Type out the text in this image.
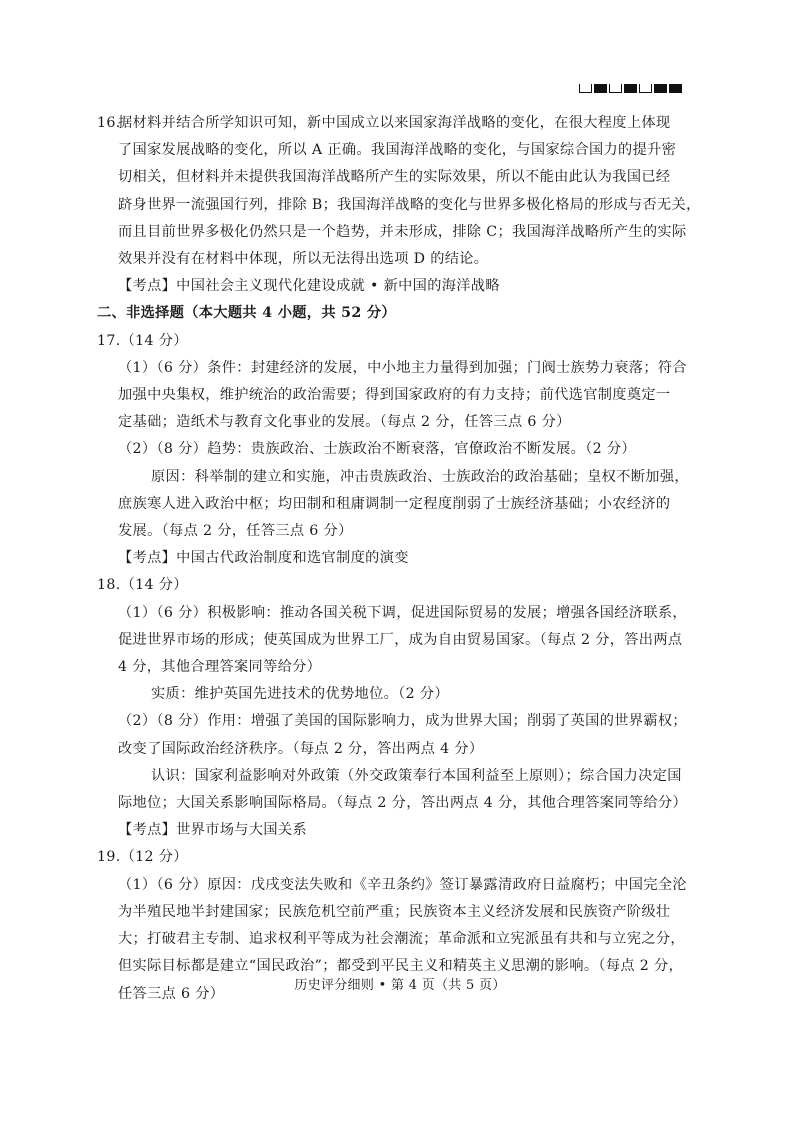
16.据材料并结合所学知识可知，新中国成立以来国家海洋战略的变化，在很大程度上体现
了国家发展战略的变化，所以 A 正确。我国海洋战略的变化，与国家综合国力的提升密
切相关，但材料并未提供我国海洋战略所产生的实际效果，所以不能由此认为我国已经
跻身世界一流强国行列，排除 B；我国海洋战略的变化与世界多极化格局的形成与否无关，
而且目前世界多极化仍然只是一个趋势，并未形成，排除 C；我国海洋战略所产生的实际
效果并没有在材料中体现，所以无法得出选项 D 的结论。
【考点】中国社会主义现代化建设成就 • 新中国的海洋战略
二、非选择题（本大题共 4 小题，共 52 分）
17.（14 分）
（1）（6 分）条件：封建经济的发展，中小地主力量得到加强；门阀士族势力衰落；符合
加强中央集权，维护统治的政治需要；得到国家政府的有力支持；前代选官制度奠定一
定基础；造纸术与教育文化事业的发展。（每点 2 分，任答三点 6 分）
（2）（8 分）趋势：贵族政治、士族政治不断衰落，官僚政治不断发展。（2 分）
原因：科举制的建立和实施，冲击贵族政治、士族政治的政治基础；皇权不断加强，
庶族寒人进入政治中枢；均田制和租庸调制一定程度削弱了士族经济基础；小农经济的
发展。（每点 2 分，任答三点 6 分）
【考点】中国古代政治制度和选官制度的演变
18.（14 分）
（1）（6 分）积极影响：推动各国关税下调，促进国际贸易的发展；增强各国经济联系，
促进世界市场的形成；使英国成为世界工厂，成为自由贸易国家。（每点 2 分，答出两点
4 分，其他合理答案同等给分）
实质：维护英国先进技术的优势地位。（2 分）
（2）（8 分）作用：增强了美国的国际影响力，成为世界大国；削弱了英国的世界霸权；
改变了国际政治经济秩序。（每点 2 分，答出两点 4 分）
认识：国家利益影响对外政策（外交政策奉行本国利益至上原则）；综合国力决定国
际地位；大国关系影响国际格局。（每点 2 分，答出两点 4 分，其他合理答案同等给分）
【考点】世界市场与大国关系
19.（12 分）
（1）（6 分）原因：戊戌变法失败和《辛丑条约》签订暴露清政府日益腐朽；中国完全沦
为半殖民地半封建国家；民族危机空前严重；民族资本主义经济发展和民族资产阶级壮
大；打破君主专制、追求权利平等成为社会潮流；革命派和立宪派虽有共和与立宪之分，
但实际目标都是建立“国民政治”；都受到平民主义和精英主义思潮的影响。（每点 2 分，
任答三点 6 分）	历史评分细则 • 第 4 页（共 5 页）
